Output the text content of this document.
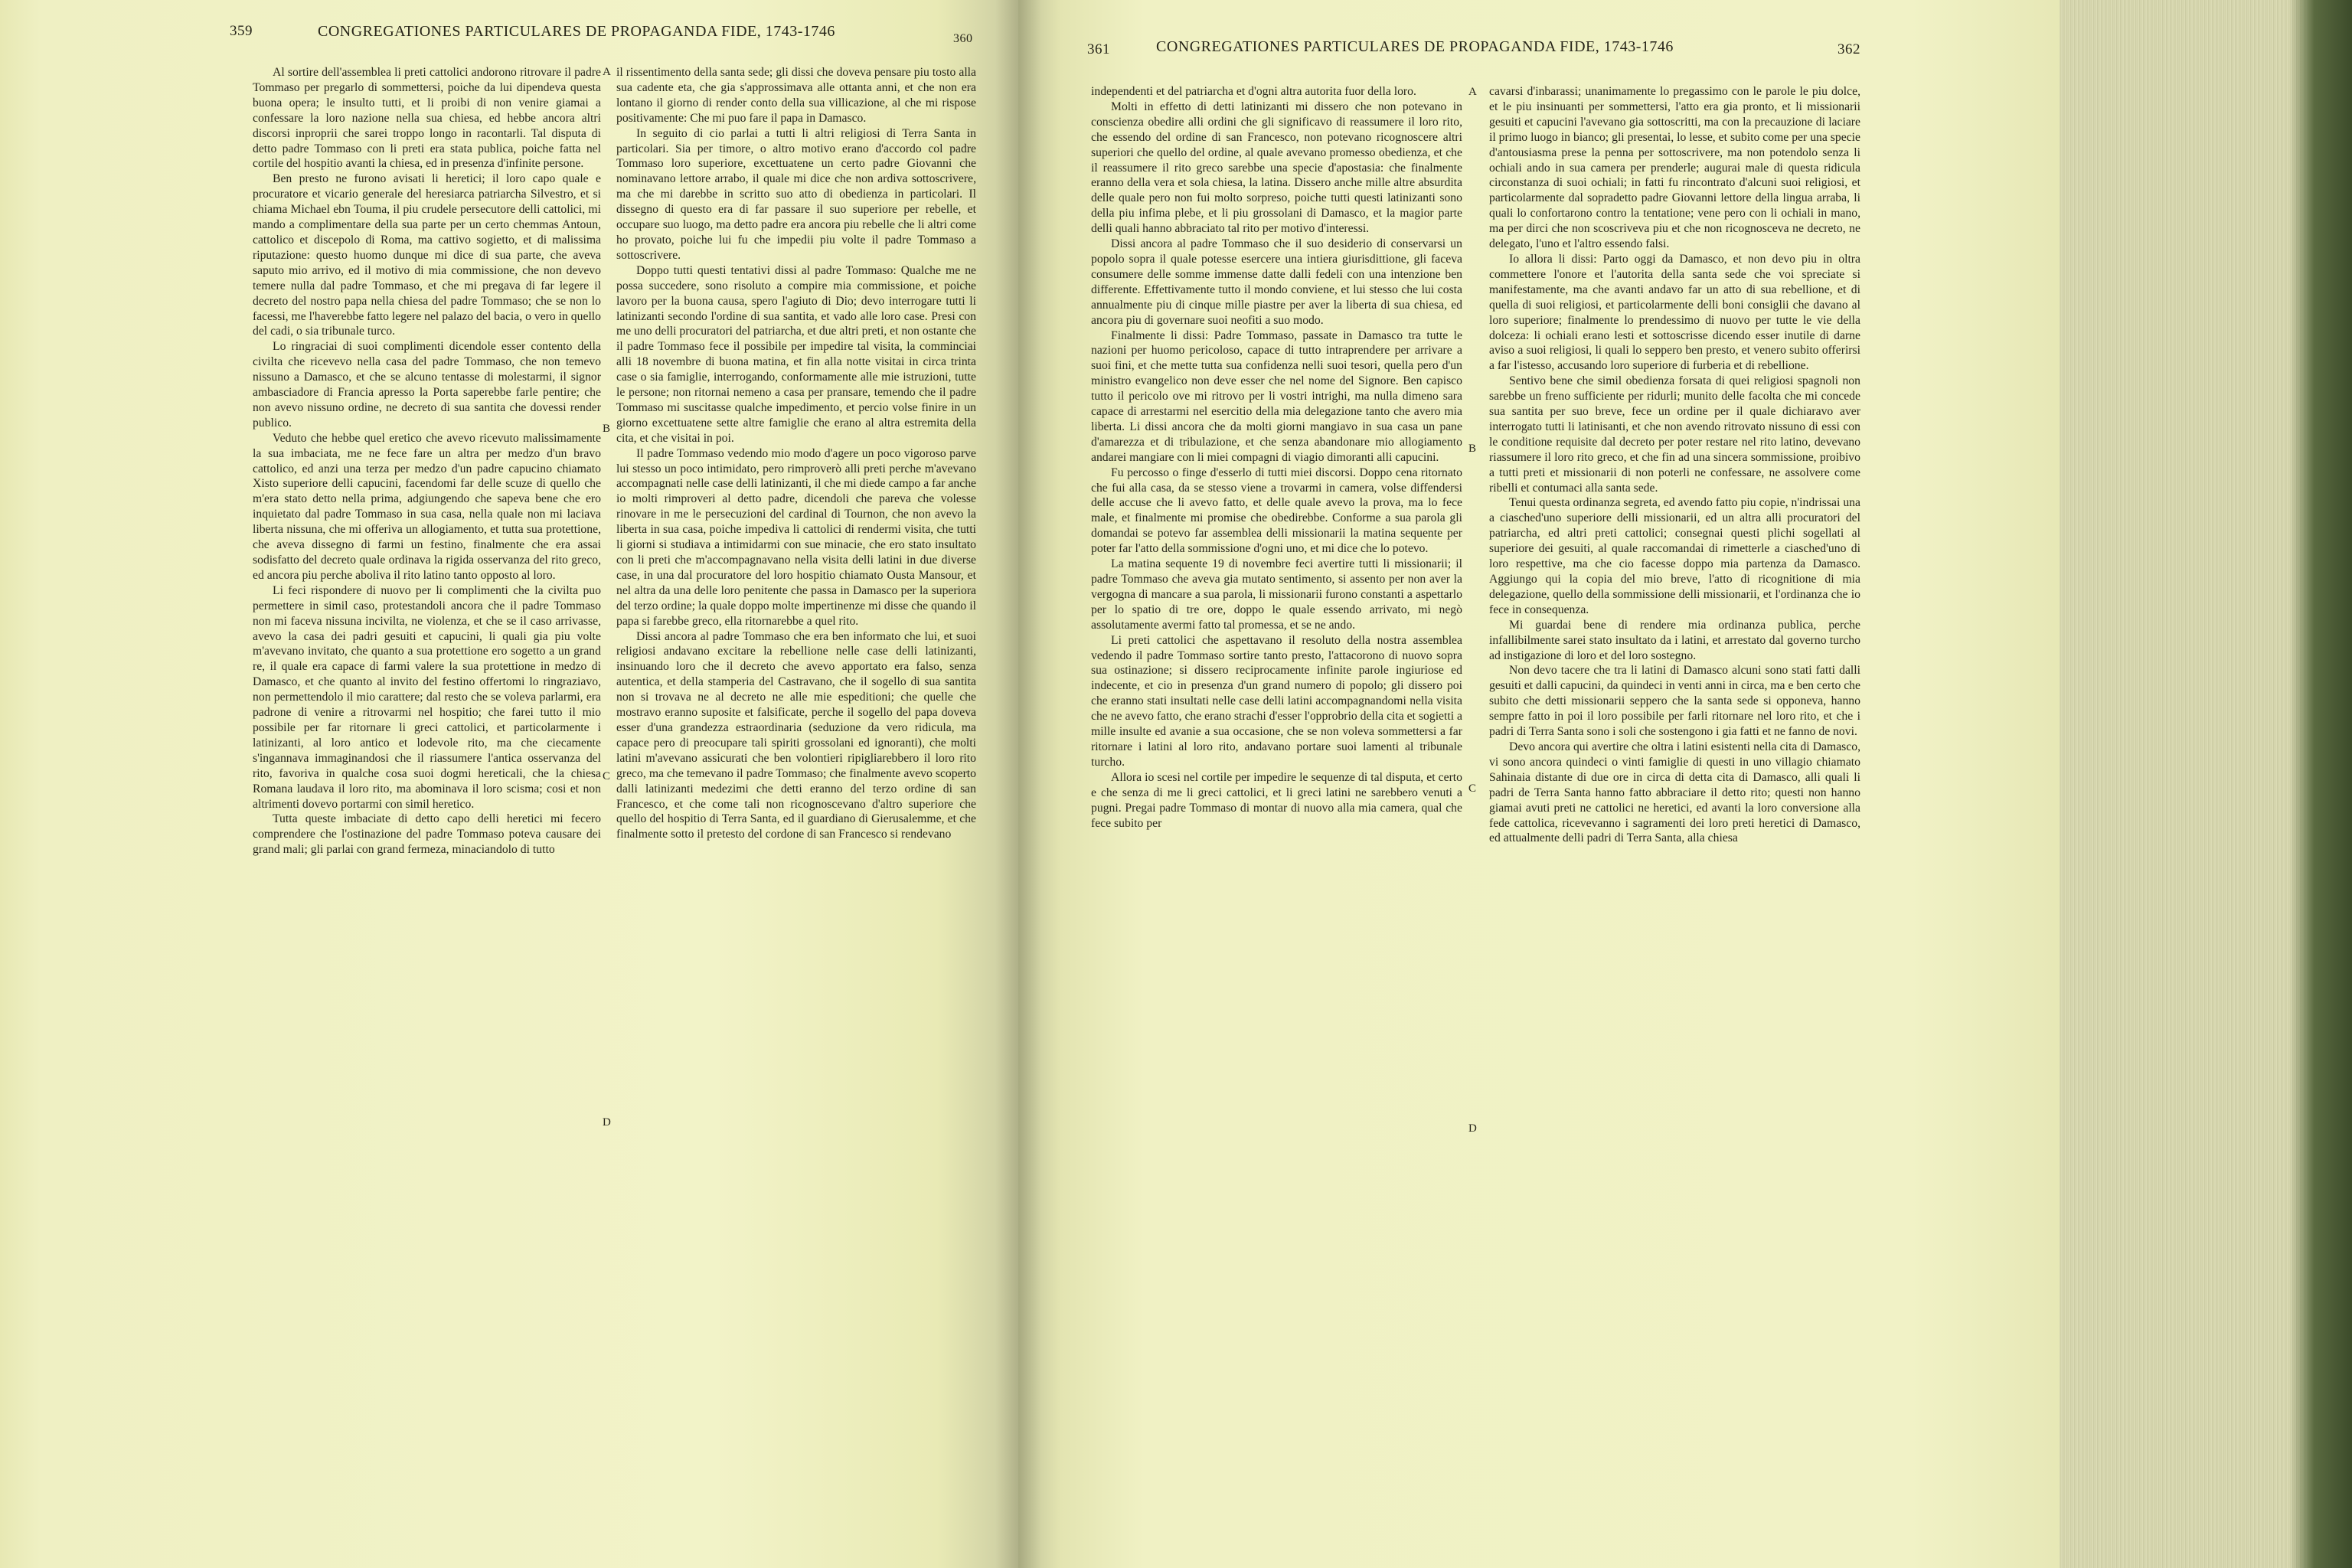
359	CONGREGATIONES PARTICULARES DE PROPAGANDA FIDE, 1743-1746	360

Al sortire dell'assemblea li preti cattolici andorono ritrovare il padre Tommaso per pregarlo di sommettersi, poiche da lui dipendeva questa buona opera; le insulto tutti, et li proibi di non venire giamai a confessare la loro nazione nella sua chiesa, ed hebbe ancora altri discorsi inproprii che sarei troppo longo in racontarli. Tal disputa di detto padre Tommaso con li preti era stata publica, poiche fatta nel cortile del hospitio avanti la chiesa, ed in presenza d'infinite persone.

Ben presto ne furono avisati li heretici; il loro capo quale e procuratore et vicario generale del heresiarca patriarcha Silvestro, et si chiama Michael ebn Touma, il piu crudele persecutore delli cattolici, mi mando a complimentare della sua parte per un certo chemmas Antoun, cattolico et discepolo di Roma, ma cattivo sogietto, et di malissima riputazione: questo huomo dunque mi dice di sua parte, che aveva saputo mio arrivo, ed il motivo di mia commissione, che non devevo temere nulla dal padre Tommaso, et che mi pregava di far legere il decreto del nostro papa nella chiesa del padre Tommaso; che se non lo facessi, me l'haverebbe fatto legere nel palazo del bacia, o vero in quello del cadi, o sia tribunale turco.

Lo ringraciai di suoi complimenti dicendole esser contento della civilta che ricevevo nella casa del padre Tommaso, che non temevo nissuno a Damasco, et che se alcuno tentasse di molestarmi, il signor ambasciadore di Francia apresso la Porta saperebbe farle pentire; che non avevo nissuno ordine, ne decreto di sua santita che dovessi render publico.

Veduto che hebbe quel eretico che avevo ricevuto malissimamente la sua imbaciata, me ne fece fare un altra per medzo d'un bravo cattolico, ed anzi una terza per medzo d'un padre capucino chiamato Xisto superiore delli capucini, facendomi far delle scuze di quello che m'era stato detto nella prima, adgiungendo che sapeva bene che ero inquietato dal padre Tommaso in sua casa, nella quale non mi laciava liberta nissuna, che mi offeriva un allogiamento, et tutta sua protettione, che aveva dissegno di farmi un festino, finalmente che era assai sodisfatto del decreto quale ordinava la rigida osservanza del rito greco, ed ancora piu perche aboliva il rito latino tanto opposto al loro.

Li feci rispondere di nuovo per li complimenti che la civilta puo permettere in simil caso, protestandoli ancora che il padre Tommaso non mi faceva nissuna incivilta, ne violenza, et che se il caso arrivasse, avevo la casa dei padri gesuiti et capucini, li quali gia piu volte m'avevano invitato, che quanto a sua protettione ero sogetto a un grand re, il quale era capace di farmi valere la sua protettione in medzo di Damasco, et che quanto al invito del festino offertomi lo ringraziavo, non permettendolo il mio carattere; dal resto che se voleva parlarmi, era padrone di venire a ritrovarmi nel hospitio; che farei tutto il mio possibile per far ritornare li greci cattolici, et particolarmente i latinizanti, al loro antico et lodevole rito, ma che ciecamente s'ingannava immaginandosi che il riassumere l'antica osservanza del rito, favoriva in qualche cosa suoi dogmi hereticali, che la chiesa Romana laudava il loro rito, ma abominava il loro scisma; cosi et non altrimenti dovevo portarmi con simil heretico.

Tutta queste imbaciate di detto capo delli heretici mi fecero comprendere che l'ostinazione del padre Tommaso poteva causare dei grand mali; gli parlai con grand fermeza, minaciandolo di tutto

il rissentimento della santa sede; gli dissi che doveva pensare piu tosto alla sua cadente eta, che gia s'approssimava alle ottanta anni, et che non era lontano il giorno di render conto della sua villicazione, al che mi rispose positivamente: Che mi puo fare il papa in Damasco.

In seguito di cio parlai a tutti li altri religiosi di Terra Santa in particolari. Sia per timore, o altro motivo erano d'accordo col padre Tommaso loro superiore, excettuatene un certo padre Giovanni che nominavano lettore arrabo, il quale mi dice che non ardiva sottoscrivere, ma che mi darebbe in scritto suo atto di obedienza in particolari. Il dissegno di questo era di far passare il suo superiore per rebelle, et occupare suo luogo, ma detto padre era ancora piu rebelle che li altri come ho provato, poiche lui fu che impedii piu volte il padre Tommaso a sottoscrivere.

Doppo tutti questi tentativi dissi al padre Tommaso: Qualche me ne possa succedere, sono risoluto a compire mia commissione, et poiche lavoro per la buona causa, spero l'agiuto di Dio; devo interrogare tutti li latinizanti secondo l'ordine di sua santita, et vado alle loro case. Presi con me uno delli procuratori del patriarcha, et due altri preti, et non ostante che il padre Tommaso fece il possibile per impedire tal visita, la comminciai alli 18 novembre di buona matina, et fin alla notte visitai in circa trinta case o sia famiglie, interrogando, conformamente alle mie istruzioni, tutte le persone; non ritornai nemeno a casa per pransare, temendo che il padre Tommaso mi suscitasse qualche impedimento, et percio volse finire in un giorno excettuatene sette altre famiglie che erano al altra estremita della cita, et che visitai in poi.

Il padre Tommaso vedendo mio modo d'agere un poco vigoroso parve lui stesso un poco intimidato, pero rimproverò alli preti perche m'avevano accompagnati nelle case delli latinizanti, il che mi diede campo a far anche io molti rimproveri al detto padre, dicendoli che pareva che volesse rinovare in me le persecuzioni del cardinal di Tournon, che non avevo la liberta in sua casa, poiche impediva li cattolici di rendermi visita, che tutti li giorni si studiava a intimidarmi con sue minacie, che ero stato insultato con li preti che m'accompagnavano nella visita delli latini in due diverse case, in una dal procuratore del loro hospitio chiamato Ousta Mansour, et nel altra da una delle loro penitente che passa in Damasco per la superiora del terzo ordine; la quale doppo molte impertinenze mi disse che quando il papa si farebbe greco, ella ritornarebbe a quel rito.

Dissi ancora al padre Tommaso che era ben informato che lui, et suoi religiosi andavano excitare la rebellione nelle case delli latinizanti, insinuando loro che il decreto che avevo apportato era falso, senza autentica, et della stamperia del Castravano, che il sogello di sua santita non si trovava ne al decreto ne alle mie espeditioni; che quelle che mostravo eranno suposite et falsificate, perche il sogello del papa doveva esser d'una grandezza estraordinaria (seduzione da vero ridicula, ma capace pero di preocupare tali spiriti grossolani ed ignoranti), che molti latini m'avevano assicurati che ben volontieri ripigliarebbero il loro rito greco, ma che temevano il padre Tommaso; che finalmente avevo scoperto dalli latinizanti medezimi che detti eranno del terzo ordine di san Francesco, et che come tali non ricognoscevano d'altro superiore che quello del hospitio di Terra Santa, ed il guardiano di Gierusalemme, et che finalmente sotto il pretesto del cordone di san Francesco si rendevano

A
B
C
D
361	CONGREGATIONES PARTICULARES DE PROPAGANDA FIDE, 1743-1746	362

independenti et del patriarcha et d'ogni altra autorita fuor della loro.

Molti in effetto di detti latinizanti mi dissero che non potevano in conscienza obedire alli ordini che gli significavo di reassumere il loro rito, che essendo del ordine di san Francesco, non potevano ricognoscere altri superiori che quello del ordine, al quale avevano promesso obedienza, et che il reassumere il rito greco sarebbe una specie d'apostasia: che finalmente eranno della vera et sola chiesa, la latina. Dissero anche mille altre absurdita delle quale pero non fui molto sorpreso, poiche tutti questi latinizanti sono della piu infima plebe, et li piu grossolani di Damasco, et la magior parte delli quali hanno abbraciato tal rito per motivo d'interessi.

Dissi ancora al padre Tommaso che il suo desiderio di conservarsi un popolo sopra il quale potesse esercere una intiera giurisdittione, gli faceva consumere delle somme immense datte dalli fedeli con una intenzione ben differente. Effettivamente tutto il mondo conviene, et lui stesso che lui costa annualmente piu di cinque mille piastre per aver la liberta di sua chiesa, ed ancora piu di governare suoi neofiti a suo modo.

Finalmente li dissi: Padre Tommaso, passate in Damasco tra tutte le nazioni per huomo pericoloso, capace di tutto intraprendere per arrivare a suoi fini, et che mette tutta sua confidenza nelli suoi tesori, quella pero d'un ministro evangelico non deve esser che nel nome del Signore. Ben capisco tutto il pericolo ove mi ritrovo per li vostri intrighi, ma nulla dimeno sara capace di arrestarmi nel esercitio della mia delegazione tanto che avero mia liberta. Li dissi ancora che da molti giorni mangiavo in sua casa un pane d'amarezza et di tribulazione, et che senza abandonare mio allogiamento andarei mangiare con li miei compagni di viagio dimoranti alli capucini.

Fu percosso o finge d'esserlo di tutti miei discorsi. Doppo cena ritornato che fui alla casa, da se stesso viene a trovarmi in camera, volse diffendersi delle accuse che li avevo fatto, et delle quale avevo la prova, ma lo fece male, et finalmente mi promise che obedirebbe. Conforme a sua parola gli domandai se potevo far assemblea delli missionarii la matina sequente per poter far l'atto della sommissione d'ogni uno, et mi dice che lo potevo.

La matina sequente 19 di novembre feci avertire tutti li missionarii; il padre Tommaso che aveva gia mutato sentimento, si assento per non aver la vergogna di mancare a sua parola, li missionarii furono constanti a aspettarlo per lo spatio di tre ore, doppo le quale essendo arrivato, mi negò assolutamente avermi fatto tal promessa, et se ne ando.

Li preti cattolici che aspettavano il resoluto della nostra assemblea vedendo il padre Tommaso sortire tanto presto, l'attacorono di nuovo sopra sua ostinazione; si dissero reciprocamente infinite parole ingiuriose ed indecente, et cio in presenza d'un grand numero di popolo; gli dissero poi che eranno stati insultati nelle case delli latini accompagnandomi nella visita che ne avevo fatto, che erano strachi d'esser l'opprobrio della cita et sogietti a mille insulte ed avanie a sua occasione, che se non voleva sommettersi a far ritornare i latini al loro rito, andavano portare suoi lamenti al tribunale turcho.

Allora io scesi nel cortile per impedire le sequenze di tal disputa, et certo e che senza di me li greci cattolici, et li greci latini ne sarebbero venuti a pugni. Pregai padre Tommaso di montar di nuovo alla mia camera, qual che fece subito per

cavarsi d'inbarassi; unanimamente lo pregassimo con le parole le piu dolce, et le piu insinuanti per sommettersi, l'atto era gia pronto, et li missionarii gesuiti et capucini l'avevano gia sottoscritti, ma con la precauzione di laciare il primo luogo in bianco; gli presentai, lo lesse, et subito come per una specie d'antousiasma prese la penna per sottoscrivere, ma non potendolo senza li ochiali ando in sua camera per prenderle; augurai male di questa ridicula circonstanza di suoi ochiali; in fatti fu rincontrato d'alcuni suoi religiosi, et particolarmente dal sopradetto padre Giovanni lettore della lingua arraba, li quali lo confortarono contro la tentatione; vene pero con li ochiali in mano, ma per dirci che non scoscriveva piu et che non ricognosceva ne decreto, ne delegato, l'uno et l'altro essendo falsi.

Io allora li dissi: Parto oggi da Damasco, et non devo piu in oltra commettere l'onore et l'autorita della santa sede che voi spreciate si manifestamente, ma che avanti andavo far un atto di sua rebellione, et di quella di suoi religiosi, et particolarmente delli boni consiglii che davano al loro superiore; finalmente lo prendessimo di nuovo per tutte le vie della dolceza: li ochiali erano lesti et sottoscrisse dicendo esser inutile di darne aviso a suoi religiosi, li quali lo seppero ben presto, et venero subito offerirsi a far l'istesso, accusando loro superiore di furberia et di rebellione.

Sentivo bene che simil obedienza forsata di quei religiosi spagnoli non sarebbe un freno sufficiente per ridurli; munito delle facolta che mi concede sua santita per suo breve, fece un ordine per il quale dichiaravo aver interrogato tutti li latinisanti, et che non avendo ritrovato nissuno di essi con le conditione requisite dal decreto per poter restare nel rito latino, devevano riassumere il loro rito greco, et che fin ad una sincera sommissione, proibivo a tutti preti et missionarii di non poterli ne confessare, ne assolvere come ribelli et contumaci alla santa sede.

Tenui questa ordinanza segreta, ed avendo fatto piu copie, n'indrissai una a ciasched'uno superiore delli missionarii, ed un altra alli procuratori del patriarcha, ed altri preti cattolici; consegnai questi plichi sogellati al superiore dei gesuiti, al quale raccomandai di rimetterle a ciasched'uno di loro respettive, ma che cio facesse doppo mia partenza da Damasco. Aggiungo qui la copia del mio breve, l'atto di ricognitione di mia delegazione, quello della sommissione delli missionarii, et l'ordinanza che io fece in consequenza.

Mi guardai bene di rendere mia ordinanza publica, perche infallibilmente sarei stato insultato da i latini, et arrestato dal governo turcho ad instigazione di loro et del loro sostegno.

Non devo tacere che tra li latini di Damasco alcuni sono stati fatti dalli gesuiti et dalli capucini, da quindeci in venti anni in circa, ma e ben certo che subito che detti missionarii seppero che la santa sede si opponeva, hanno sempre fatto in poi il loro possibile per farli ritornare nel loro rito, et che i padri di Terra Santa sono i soli che sostengono i gia fatti et ne fanno de novi.

Devo ancora qui avertire che oltra i latini esistenti nella cita di Damasco, vi sono ancora quindeci o vinti famiglie di questi in uno villagio chiamato Sahinaia distante di due ore in circa di detta cita di Damasco, alli quali li padri de Terra Santa hanno fatto abbraciare il detto rito; questi non hanno giamai avuti preti ne cattolici ne heretici, ed avanti la loro conversione alla fede cattolica, ricevevanno i sagramenti dei loro preti heretici di Damasco, ed attualmente delli padri di Terra Santa, alla chiesa

A
B
C
D
